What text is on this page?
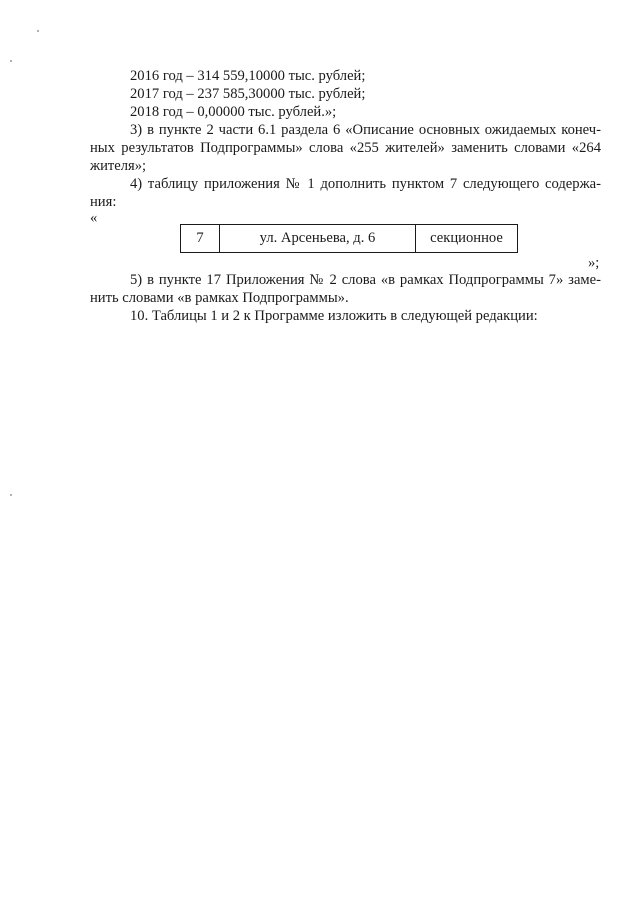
2016 год – 314 559,10000 тыс. рублей;
2017 год – 237 585,30000 тыс. рублей;
2018 год – 0,00000 тыс. рублей.»;
3) в пункте 2 части 6.1 раздела 6 «Описание основных ожидаемых конеч-
ных результатов Подпрограммы» слова «255 жителей» заменить словами «264
жителя»;
4) таблицу приложения № 1 дополнить пунктом 7 следующего содержа-
ния:
«
7	ул. Арсеньева, д. 6	секционное
»;
5) в пункте 17 Приложения № 2 слова «в рамках Подпрограммы 7» заме-
нить словами «в рамках Подпрограммы».
10. Таблицы 1 и 2 к Программе изложить в следующей редакции:
